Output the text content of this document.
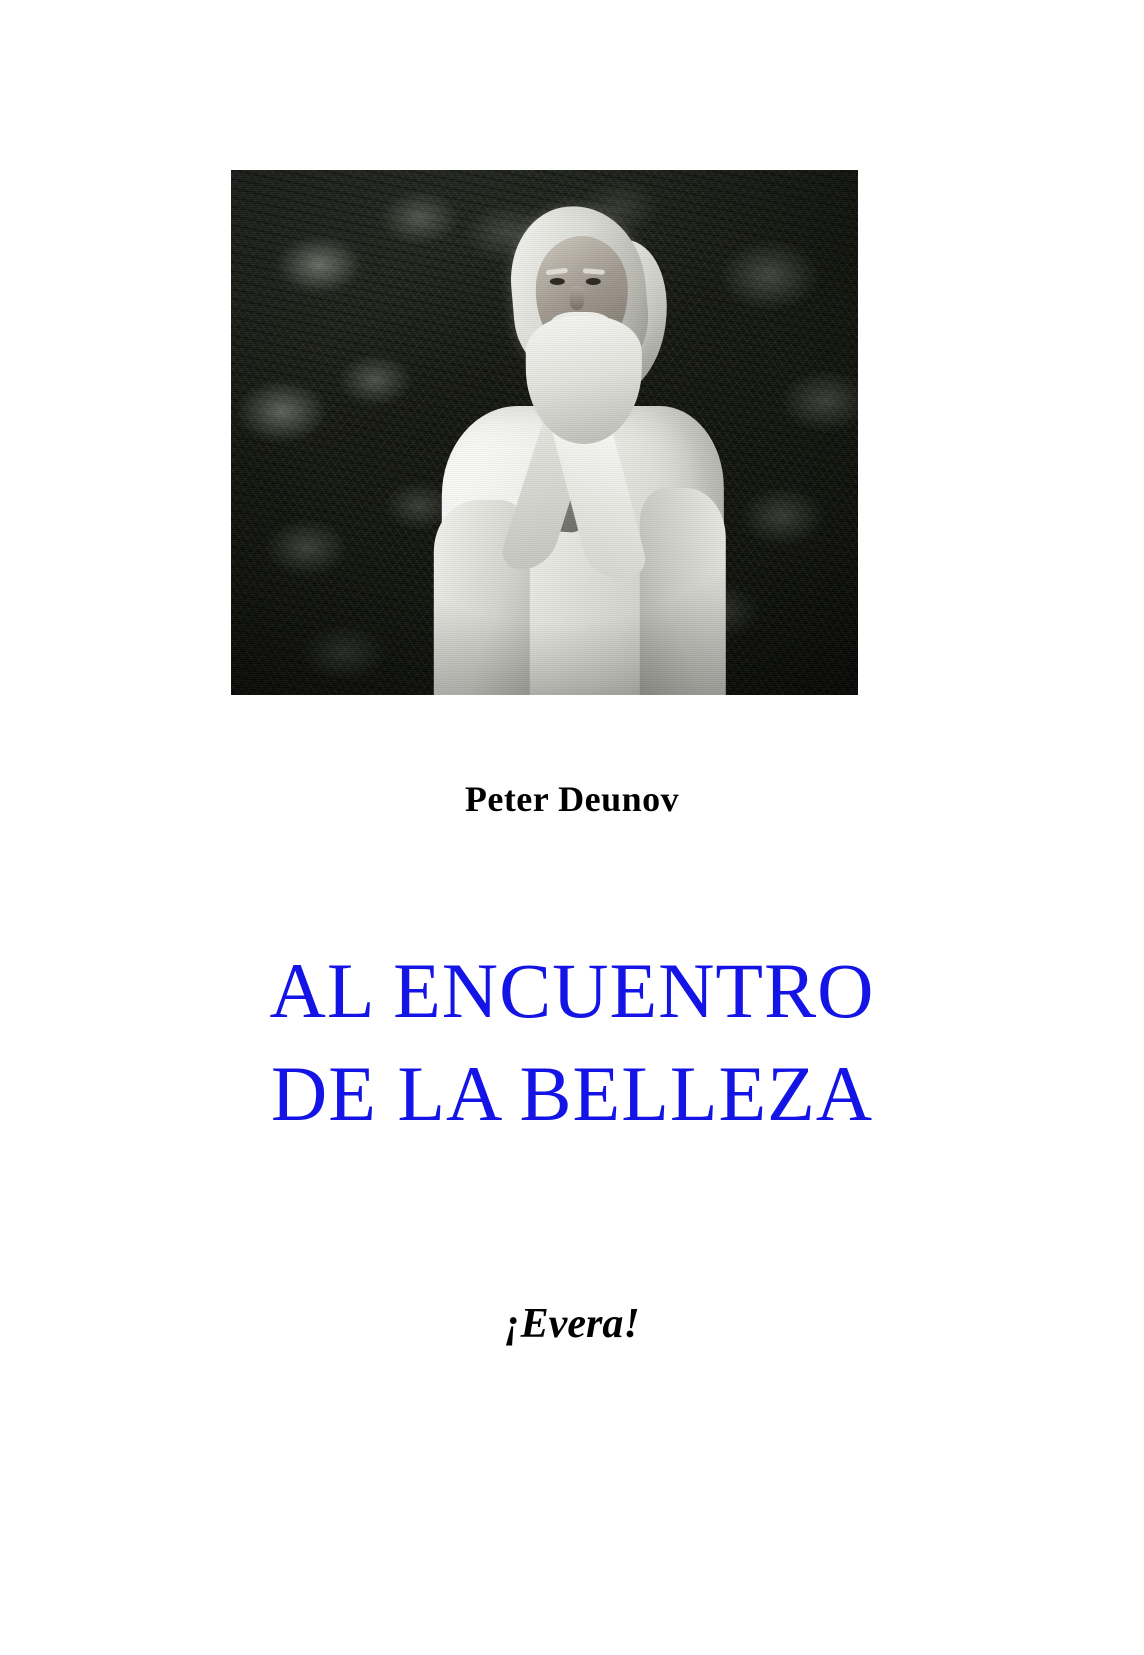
Peter Deunov
AL ENCUENTRO
DE LA BELLEZA
¡Evera!
